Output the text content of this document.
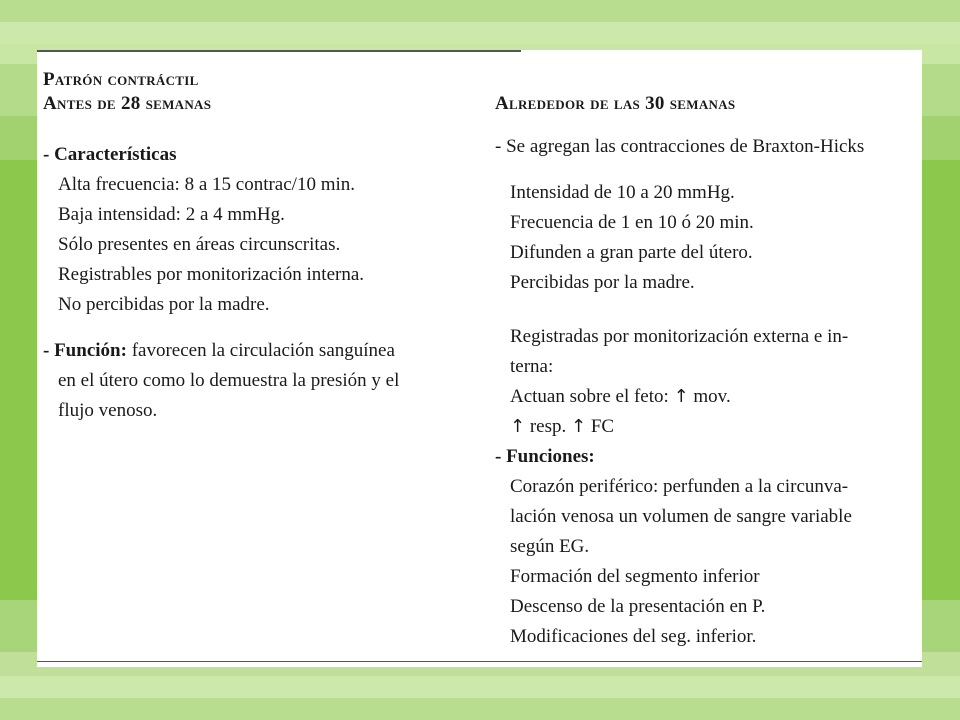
Patrón contráctil
Antes de 28 semanas
- Características
Alta frecuencia: 8 a 15 contrac/10 min.
Baja intensidad: 2 a 4 mmHg.
Sólo presentes en áreas circunscritas.
Registrables por monitorización interna.
No percibidas por la madre.
- Función: favorecen la circulación sanguínea
en el útero como lo demuestra la presión y el
flujo venoso.
Alrededor de las 30 semanas
- Se agregan las contracciones de Braxton-Hicks
Intensidad de 10 a 20 mmHg.
Frecuencia de 1 en 10 ó 20 min.
Difunden a gran parte del útero.
Percibidas por la madre.
Registradas por monitorización externa e in-
terna:
Actuan sobre el feto: ↑ mov.
↑ resp. ↑ FC
- Funciones:
Corazón periférico: perfunden a la circunva-
lación venosa un volumen de sangre variable
según EG.
Formación del segmento inferior
Descenso de la presentación en P.
Modificaciones del seg. inferior.
